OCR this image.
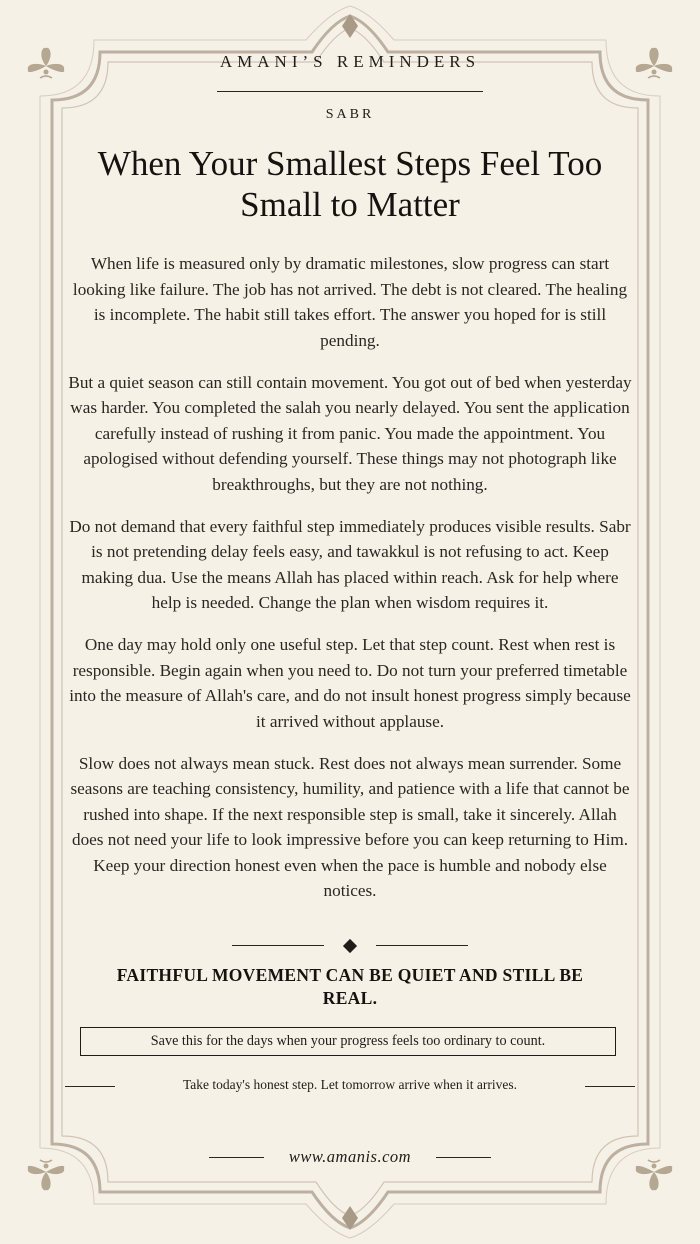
AMANI’S REMINDERS
SABR
When Your Smallest Steps Feel Too Small to Matter

When life is measured only by dramatic milestones, slow progress can start looking like failure. The job has not arrived. The debt is not cleared. The healing is incomplete. The habit still takes effort. The answer you hoped for is still pending.

But a quiet season can still contain movement. You got out of bed when yesterday was harder. You completed the salah you nearly delayed. You sent the application carefully instead of rushing it from panic. You made the appointment. You apologised without defending yourself. These things may not photograph like breakthroughs, but they are not nothing.

Do not demand that every faithful step immediately produces visible results. Sabr is not pretending delay feels easy, and tawakkul is not refusing to act. Keep making dua. Use the means Allah has placed within reach. Ask for help where help is needed. Change the plan when wisdom requires it.

One day may hold only one useful step. Let that step count. Rest when rest is responsible. Begin again when you need to. Do not turn your preferred timetable into the measure of Allah's care, and do not insult honest progress simply because it arrived without applause.

Slow does not always mean stuck. Rest does not always mean surrender. Some seasons are teaching consistency, humility, and patience with a life that cannot be rushed into shape. If the next responsible step is small, take it sincerely. Allah does not need your life to look impressive before you can keep returning to Him. Keep your direction honest even when the pace is humble and nobody else notices.

FAITHFUL MOVEMENT CAN BE QUIET AND STILL BE REAL.
Save this for the days when your progress feels too ordinary to count.
Take today's honest step. Let tomorrow arrive when it arrives.
www.amanis.com
